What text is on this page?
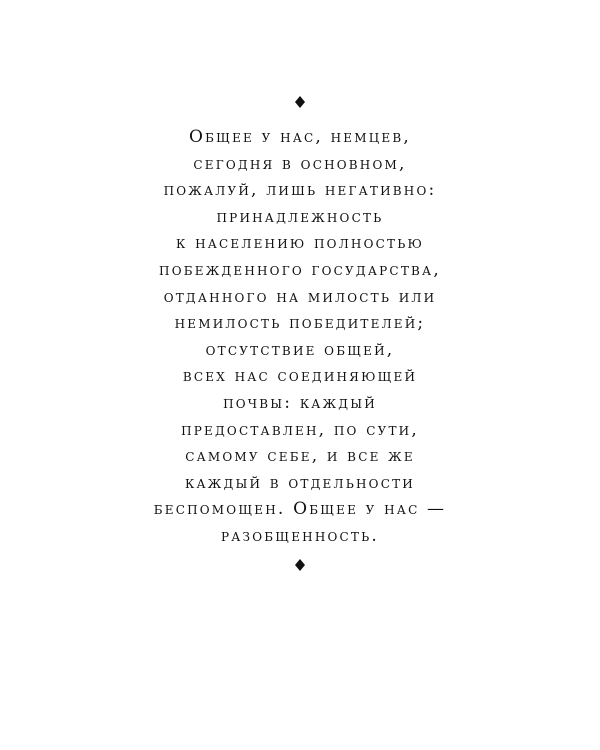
Общее у нас, немцев,
сегодня в основном,
пожалуй, лишь негативно:
принадлежность
к населению полностью
побежденного государства,
отданного на милость или
немилость победителей;
отсутствие общей,
всех нас соединяющей
почвы: каждый
предоставлен, по сути,
самому себе, и все же
каждый в отдельности
беспомощен. Общее у нас —
разобщенность.
